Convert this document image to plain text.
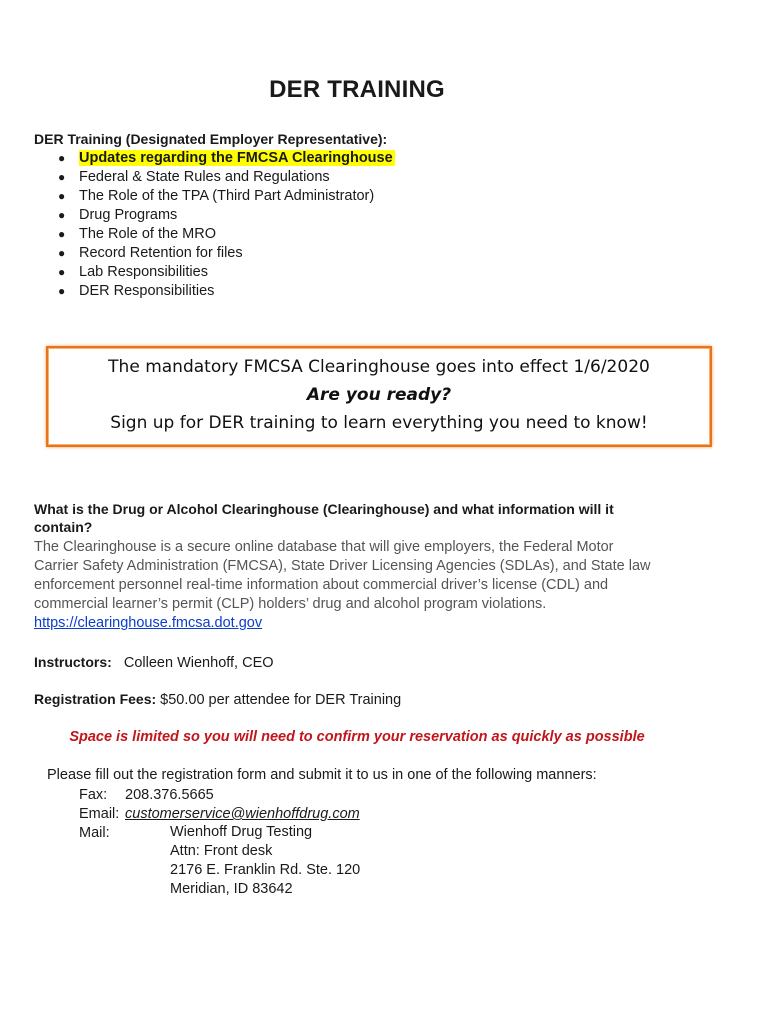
DER TRAINING
DER Training (Designated Employer Representative):
● Updates regarding the FMCSA Clearinghouse
● Federal & State Rules and Regulations
● The Role of the TPA (Third Part Administrator)
● Drug Programs
● The Role of the MRO
● Record Retention for files
● Lab Responsibilities
● DER Responsibilities
The mandatory FMCSA Clearinghouse goes into effect 1/6/2020
Are you ready?
Sign up for DER training to learn everything you need to know!
What is the Drug or Alcohol Clearinghouse (Clearinghouse) and what information will it contain?
The Clearinghouse is a secure online database that will give employers, the Federal Motor Carrier Safety Administration (FMCSA), State Driver Licensing Agencies (SDLAs), and State law enforcement personnel real-time information about commercial driver’s license (CDL) and commercial learner’s permit (CLP) holders’ drug and alcohol program violations. https://clearinghouse.fmcsa.dot.gov
Instructors: Colleen Wienhoff, CEO
Registration Fees: $50.00 per attendee for DER Training
Space is limited so you will need to confirm your reservation as quickly as possible
Please fill out the registration form and submit it to us in one of the following manners:
Fax: 208.376.5665
Email: customerservice@wienhoffdrug.com
Mail:	Wienhoff Drug Testing
Attn: Front desk
2176 E. Franklin Rd. Ste. 120
Meridian, ID 83642
